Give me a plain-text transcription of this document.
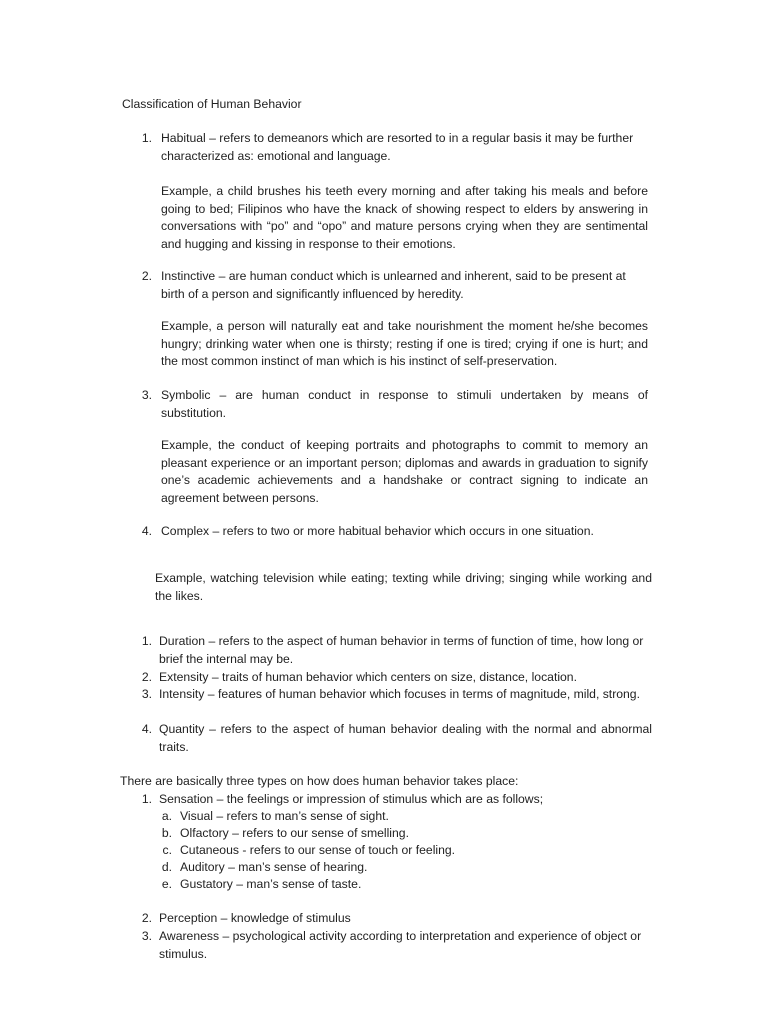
Classification of Human Behavior
1. Habitual – refers to demeanors which are resorted to in a regular basis it may be further characterized as: emotional and language.

Example, a child brushes his teeth every morning and after taking his meals and before going to bed; Filipinos who have the knack of showing respect to elders by answering in conversations with “po” and “opo” and mature persons crying when they are sentimental and hugging and kissing in response to their emotions.

2. Instinctive – are human conduct which is unlearned and inherent, said to be present at birth of a person and significantly influenced by heredity.

Example, a person will naturally eat and take nourishment the moment he/she becomes hungry; drinking water when one is thirsty; resting if one is tired; crying if one is hurt; and the most common instinct of man which is his instinct of self-preservation.

3. Symbolic – are human conduct in response to stimuli undertaken by means of substitution.

Example, the conduct of keeping portraits and photographs to commit to memory an pleasant experience or an important person; diplomas and awards in graduation to signify one’s academic achievements and a handshake or contract signing to indicate an agreement between persons.

4. Complex – refers to two or more habitual behavior which occurs in one situation.

Example, watching television while eating; texting while driving; singing while working and the likes.

1. Duration – refers to the aspect of human behavior in terms of function of time, how long or brief the internal may be.

2. Extensity – traits of human behavior which centers on size, distance, location.

3. Intensity – features of human behavior which focuses in terms of magnitude, mild, strong.

4. Quantity – refers to the aspect of human behavior dealing with the normal and abnormal traits.

There are basically three types on how does human behavior takes place:

1. Sensation – the feelings or impression of stimulus which are as follows;

a. Visual – refers to man’s sense of sight.

b. Olfactory – refers to our sense of smelling.

c. Cutaneous - refers to our sense of touch or feeling.

d. Auditory – man’s sense of hearing.

e. Gustatory – man’s sense of taste.

2. Perception – knowledge of stimulus

3. Awareness – psychological activity according to interpretation and experience of object or stimulus.
